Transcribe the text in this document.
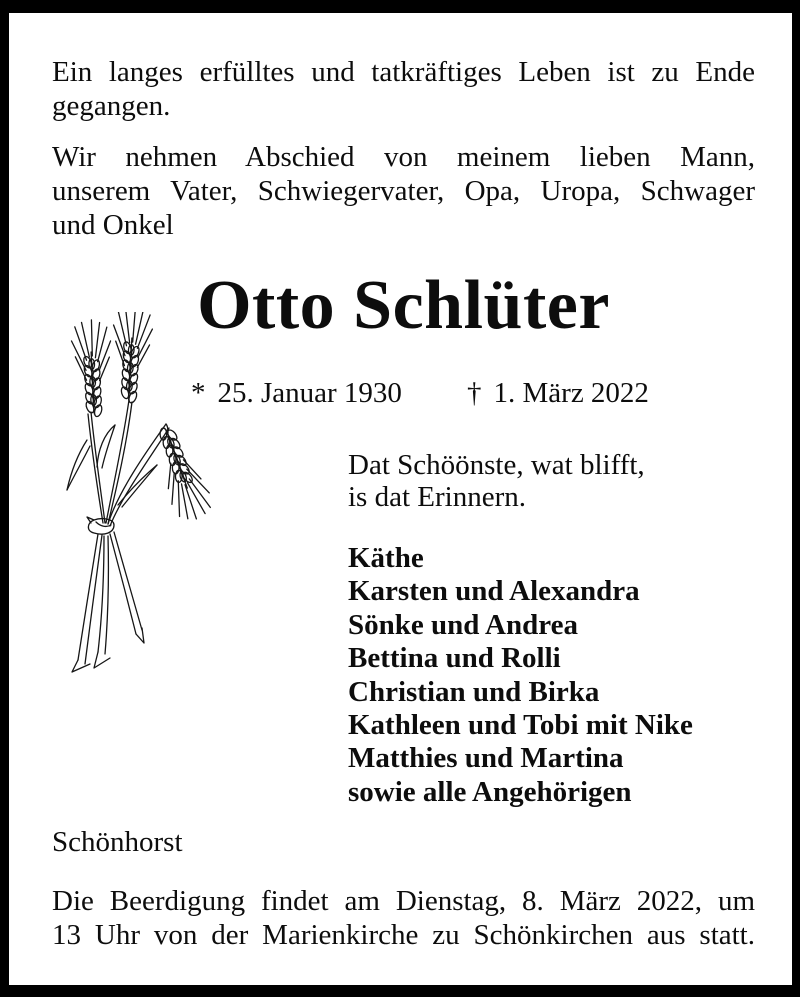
Ein langes erfülltes und tatkräftiges Leben ist zu Ende
gegangen.
Wir nehmen Abschied von meinem lieben Mann,
unserem Vater, Schwiegervater, Opa, Uropa, Schwager
und Onkel
Otto Schlüter
* 25. Januar 1930 † 1. März 2022
Dat Schöönste, wat blifft,
is dat Erinnern.
Käthe
Karsten und Alexandra
Sönke und Andrea
Bettina und Rolli
Christian und Birka
Kathleen und Tobi mit Nike
Matthies und Martina
sowie alle Angehörigen
Schönhorst
Die Beerdigung findet am Dienstag, 8. März 2022, um
13 Uhr von der Marienkirche zu Schönkirchen aus statt.
